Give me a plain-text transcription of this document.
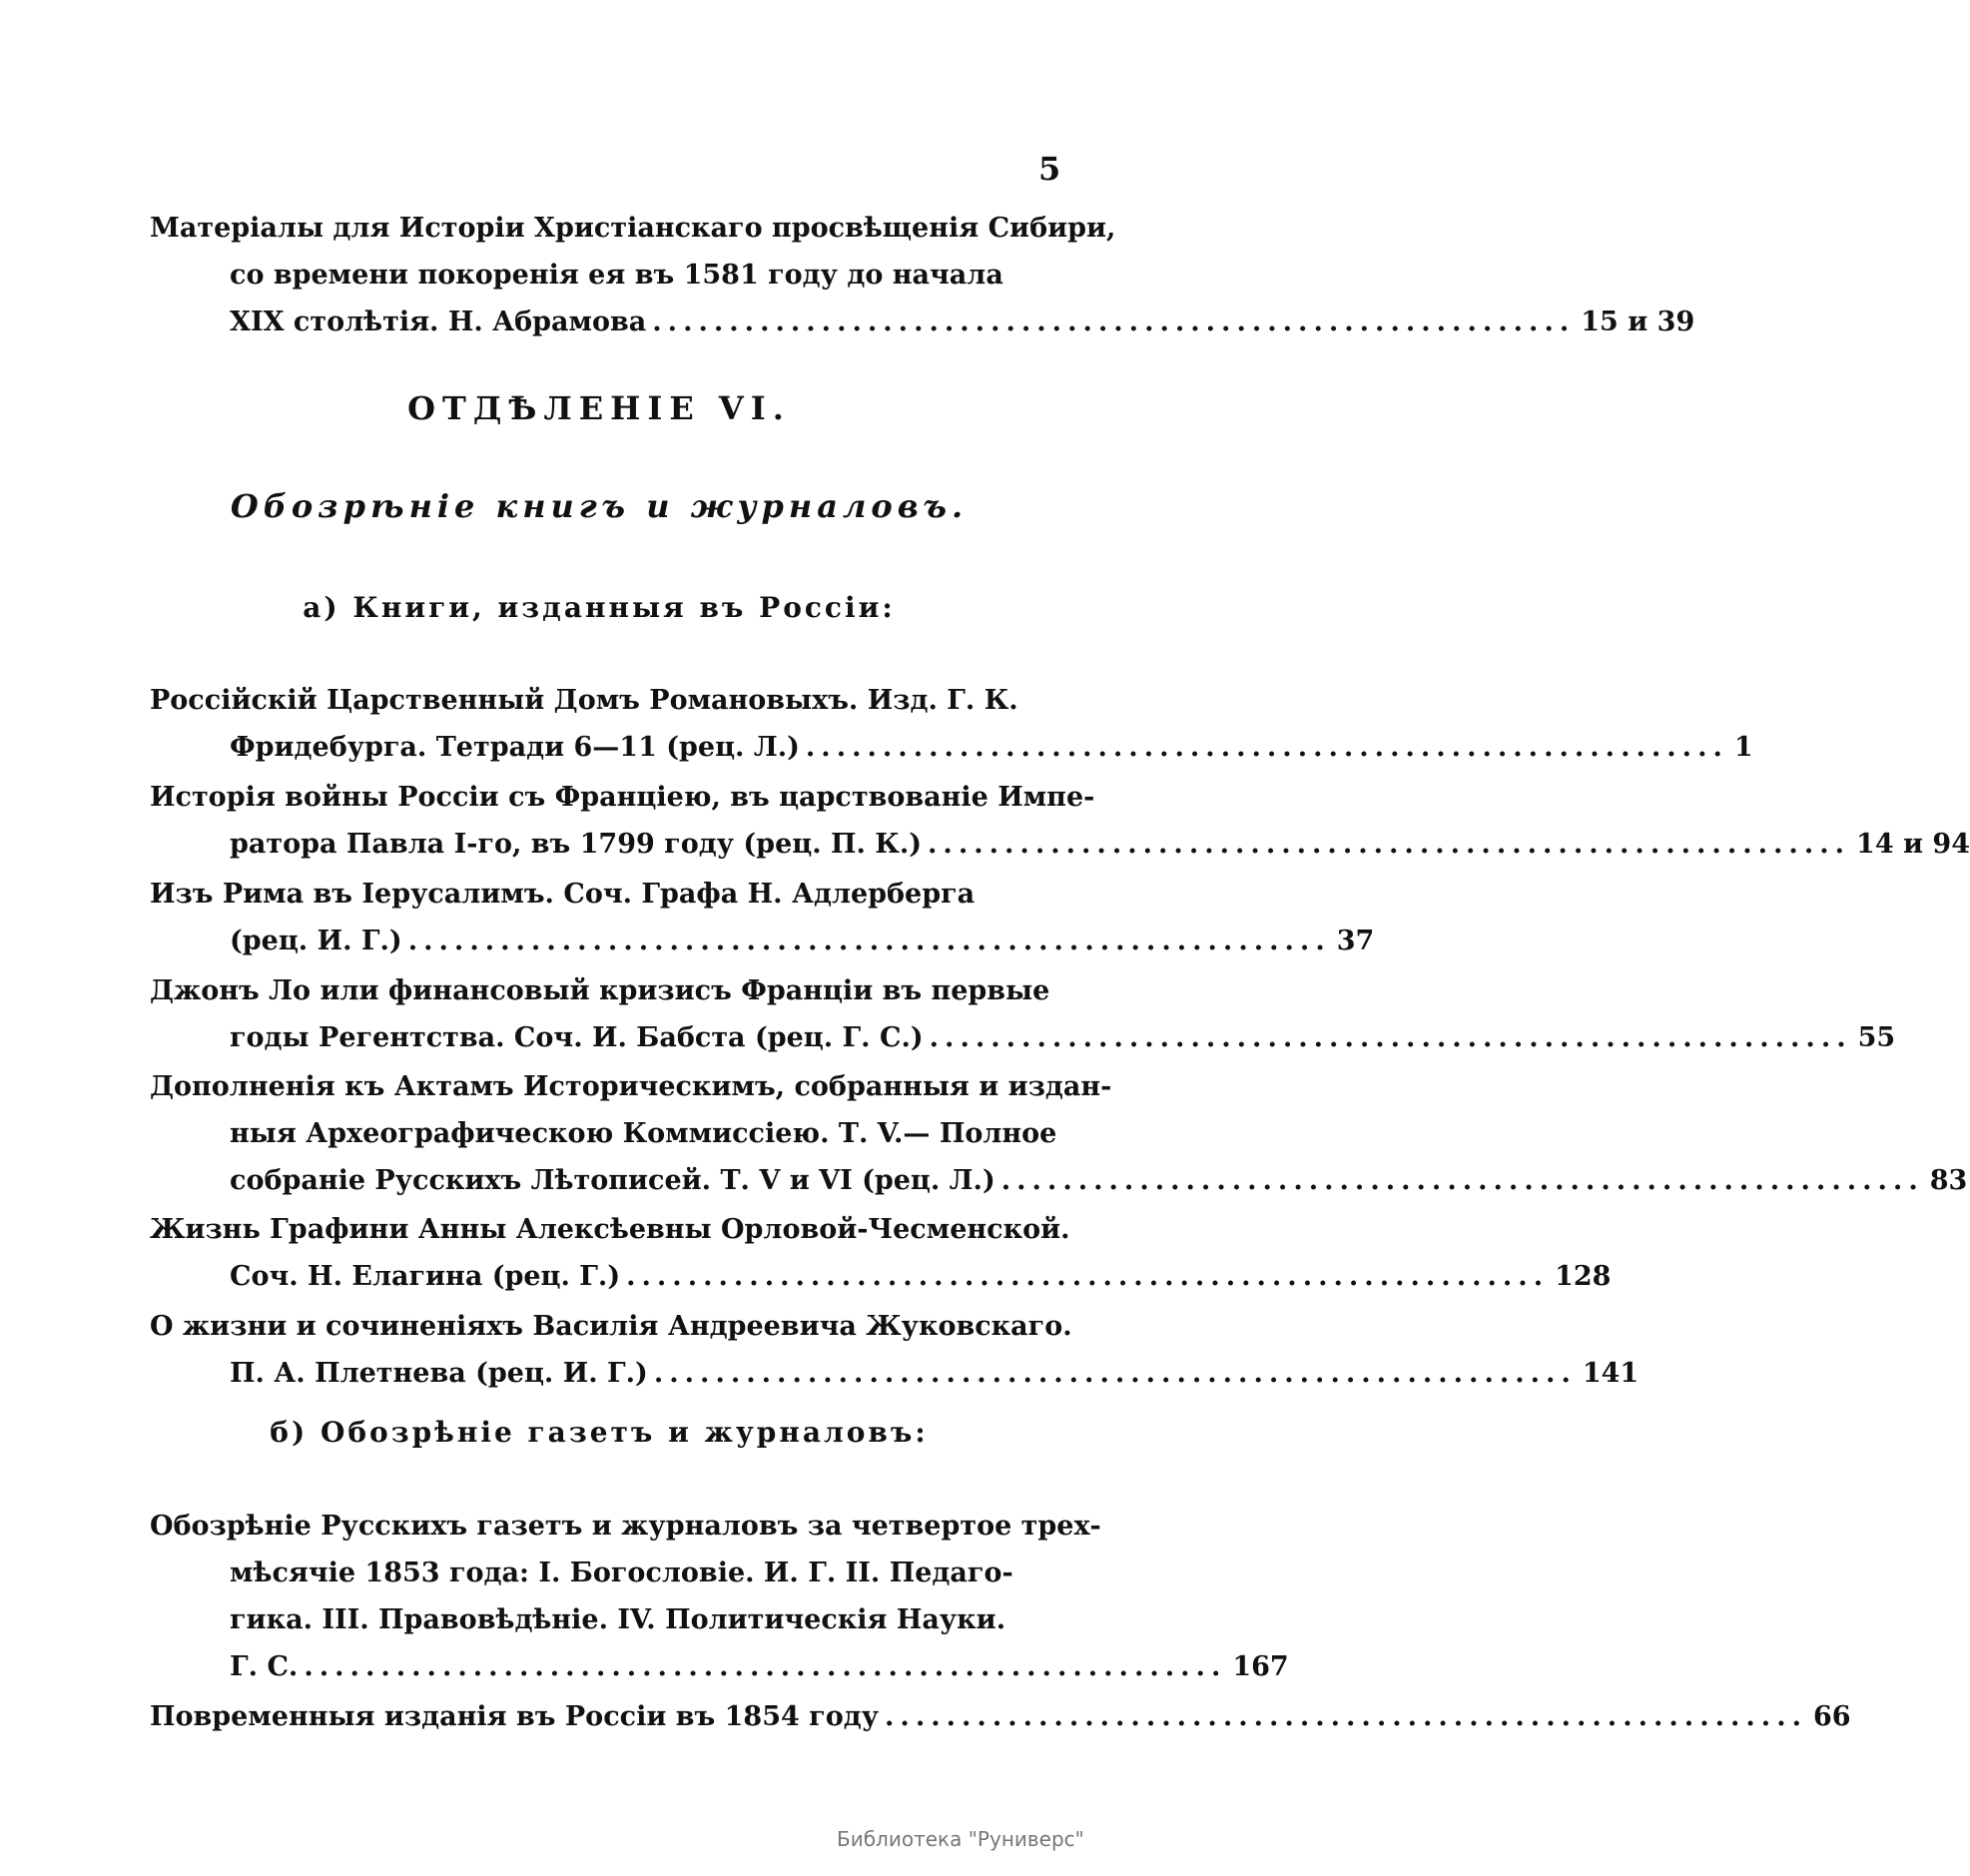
5
Матеріалы для Исторіи Христіанскаго просвѣщенія Сибири,
со времени покоренія ея въ 1581 году до начала
XIX столѣтія. Н. Абрамова ............................................................ 15 и 39
ОТДѢЛЕНІЕ VI.
Обозрѣніе книгъ и журналовъ.
а) Книги, изданныя въ Россіи:
Россійскій Царственный Домъ Романовыхъ. Изд. Г. К.
Фридебурга. Тетради 6—11 (рец. Л.) ............................................................ 1
Исторія войны Россіи съ Франціею, въ царствованіе Импе-
ратора Павла I-го, въ 1799 году (рец. П. К.) ............................................................ 14 и 94
Изъ Рима въ Іерусалимъ. Соч. Графа Н. Адлерберга
(рец. И. Г.) ............................................................ 37
Джонъ Ло или финансовый кризисъ Франціи въ первые
годы Регентства. Соч. И. Бабста (рец. Г. С.) ............................................................ 55
Дополненія къ Актамъ Историческимъ, собранныя и издан-
ныя Археографическою Коммиссіею. Т. V.— Полное
собраніе Русскихъ Лѣтописей. Т. V и VI (рец. Л.) ............................................................ 83
Жизнь Графини Анны Алексѣевны Орловой-Чесменской.
Соч. Н. Елагина (рец. Г.) ............................................................ 128
О жизни и сочиненіяхъ Василія Андреевича Жуковскаго.
П. А. Плетнева (рец. И. Г.) ............................................................ 141
б) Обозрѣніе газетъ и журналовъ:
Обозрѣніе Русскихъ газетъ и журналовъ за четвертое трех-
мѣсячіе 1853 года: I. Богословіе. И. Г. II. Педаго-
гика. III. Правовѣдѣніе. IV. Политическія Науки.
Г. С. ............................................................ 167
Повременныя изданія въ Россіи въ 1854 году ............................................................ 66
Библиотека "Руниверс"
